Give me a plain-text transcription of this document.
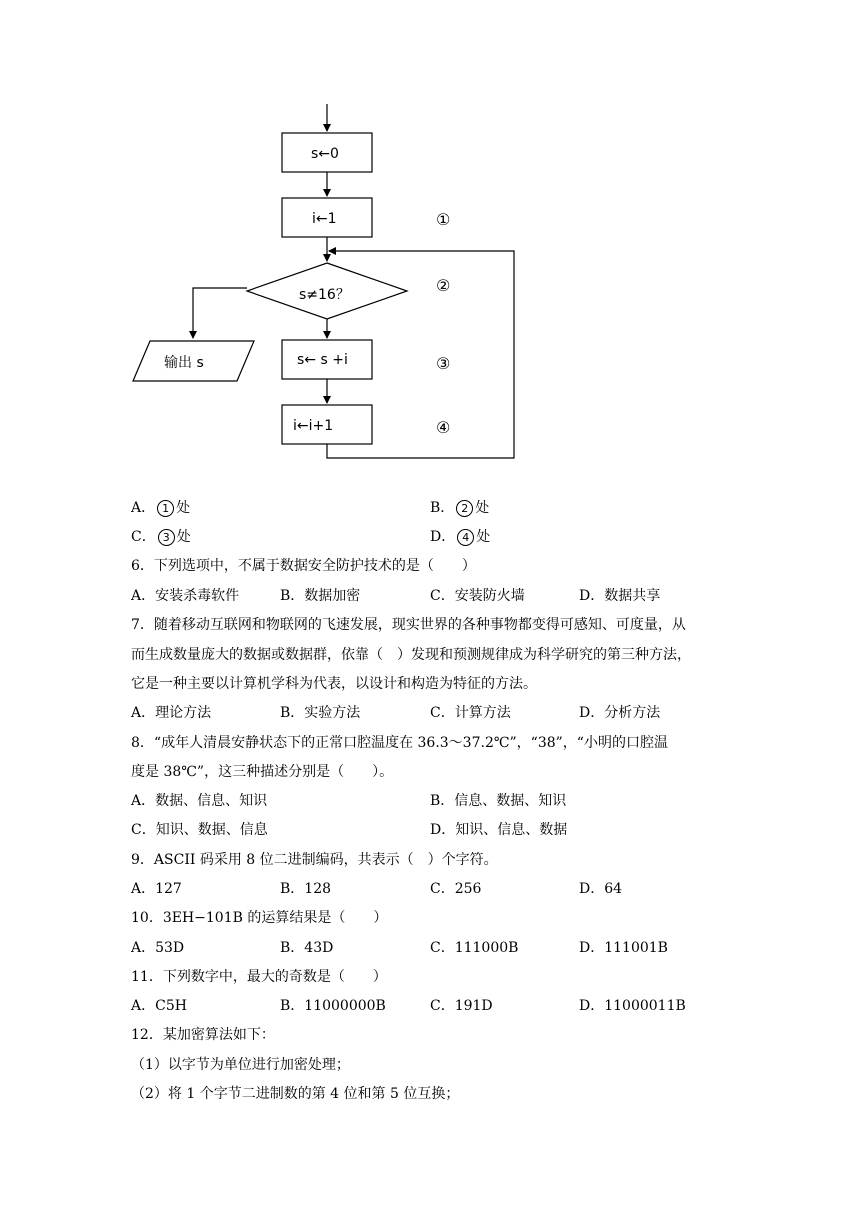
s←0
i←1
s≠16？
s← s +i
i←i+1
输出 s
①
②
③
④
A． 1 处	B． 2 处
C． 3 处	D． 4 处
6．下列选项中，不属于数据安全防护技术的是（　　）
A．安装杀毒软件	B．数据加密	C．安装防火墙	D．数据共享
7．随着移动互联网和物联网的飞速发展，现实世界的各种事物都变得可感知、可度量，从
而生成数量庞大的数据或数据群，依靠（　）发现和预测规律成为科学研究的第三种方法，
它是一种主要以计算机学科为代表，以设计和构造为特征的方法。
A．理论方法	B．实验方法	C．计算方法	D．分析方法
8．“成年人清晨安静状态下的正常口腔温度在 36.3～37.2℃”，“38”，“小明的口腔温
度是 38℃”，这三种描述分别是（　　）。
A．数据、信息、知识	B．信息、数据、知识
C．知识、数据、信息	D．知识、信息、数据
9．ASCII 码采用 8 位二进制编码，共表示（　）个字符。
A．127	B．128	C．256	D．64
10．3EH−101B 的运算结果是（　　）
A．53D	B．43D	C．111000B	D．111001B
11．下列数字中，最大的奇数是（　　）
A．C5H	B．11000000B	C．191D	D．11000011B
12．某加密算法如下：
（1）以字节为单位进行加密处理；
（2）将 1 个字节二进制数的第 4 位和第 5 位互换；
